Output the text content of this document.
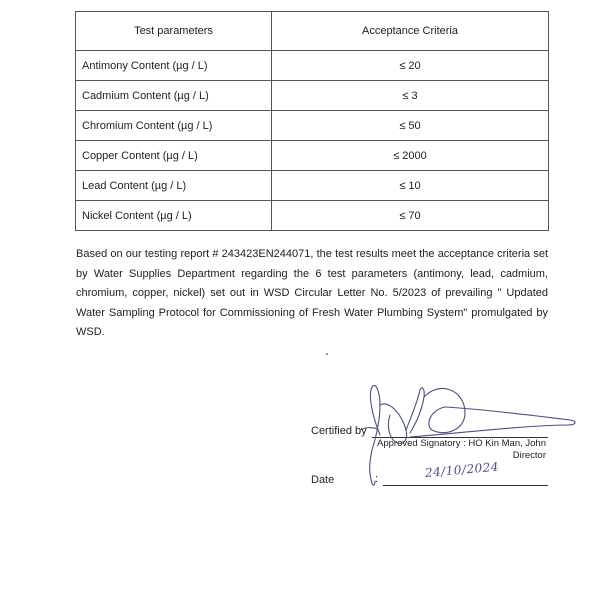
Test parameters	Acceptance Criteria
Antimony Content (µg / L)	≤ 20
Cadmium Content (µg / L)	≤ 3
Chromium Content (µg / L)	≤ 50
Copper Content (µg / L)	≤ 2000
Lead Content (µg / L)	≤ 10
Nickel Content (µg / L)	≤ 70

Based on our testing report # 243423EN244071, the test results meet the acceptance criteria set by Water Supplies Department regarding the 6 test parameters (antimony, lead, cadmium, chromium, copper, nickel) set out in WSD Circular Letter No. 5/2023 of prevailing " Updated Water Sampling Protocol for Commissioning of Fresh Water Plumbing System" promulgated by WSD.

Certified by
Approved Signatory : HO Kin Man, John
Director
Date	:	24/10/2024
